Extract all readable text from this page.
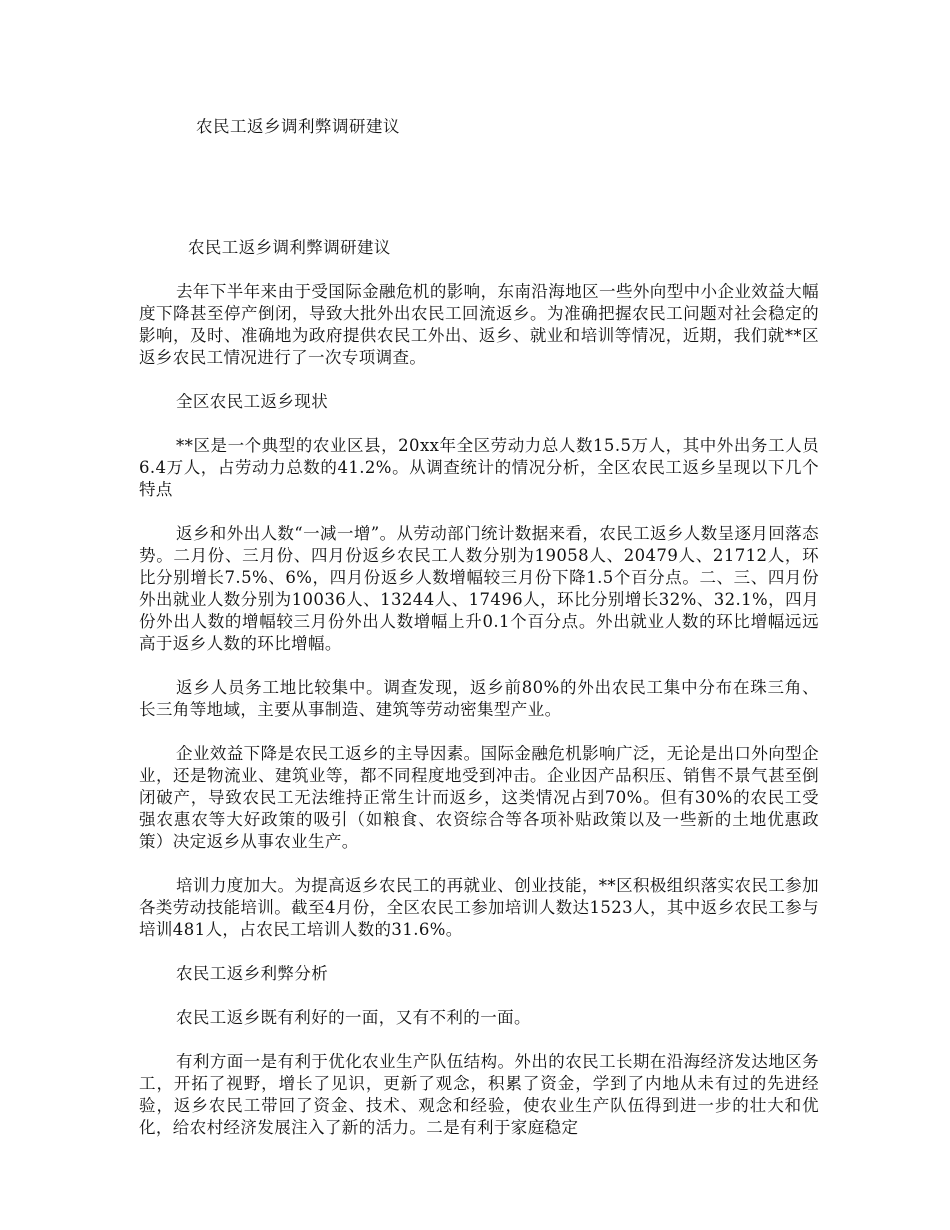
农民工返乡调利弊调研建议

农民工返乡调利弊调研建议

去年下半年来由于受国际金融危机的影响，东南沿海地区一些外向型中小企业效益大幅度下降甚至停产倒闭，导致大批外出农民工回流返乡。为准确把握农民工问题对社会稳定的影响，及时、准确地为政府提供农民工外出、返乡、就业和培训等情况，近期，我们就**区返乡农民工情况进行了一次专项调查。

全区农民工返乡现状

**区是一个典型的农业区县，20xx年全区劳动力总人数15.5万人，其中外出务工人员6.4万人，占劳动力总数的41.2%。从调查统计的情况分析，全区农民工返乡呈现以下几个特点

返乡和外出人数“一减一增”。从劳动部门统计数据来看，农民工返乡人数呈逐月回落态势。二月份、三月份、四月份返乡农民工人数分别为19058人、20479人、21712人，环比分别增长7.5%、6%，四月份返乡人数增幅较三月份下降1.5个百分点。二、三、四月份外出就业人数分别为10036人、13244人、17496人，环比分别增长32%、32.1%，四月份外出人数的增幅较三月份外出人数增幅上升0.1个百分点。外出就业人数的环比增幅远远高于返乡人数的环比增幅。

返乡人员务工地比较集中。调查发现，返乡前80%的外出农民工集中分布在珠三角、长三角等地域，主要从事制造、建筑等劳动密集型产业。

企业效益下降是农民工返乡的主导因素。国际金融危机影响广泛，无论是出口外向型企业，还是物流业、建筑业等，都不同程度地受到冲击。企业因产品积压、销售不景气甚至倒闭破产，导致农民工无法维持正常生计而返乡，这类情况占到70%。但有30%的农民工受强农惠农等大好政策的吸引（如粮食、农资综合等各项补贴政策以及一些新的土地优惠政策）决定返乡从事农业生产。

培训力度加大。为提高返乡农民工的再就业、创业技能，**区积极组织落实农民工参加各类劳动技能培训。截至4月份，全区农民工参加培训人数达1523人，其中返乡农民工参与培训481人，占农民工培训人数的31.6%。

农民工返乡利弊分析

农民工返乡既有利好的一面，又有不利的一面。

有利方面一是有利于优化农业生产队伍结构。外出的农民工长期在沿海经济发达地区务工，开拓了视野，增长了见识，更新了观念，积累了资金，学到了内地从未有过的先进经验，返乡农民工带回了资金、技术、观念和经验，使农业生产队伍得到进一步的壮大和优化，给农村经济发展注入了新的活力。二是有利于家庭稳定
